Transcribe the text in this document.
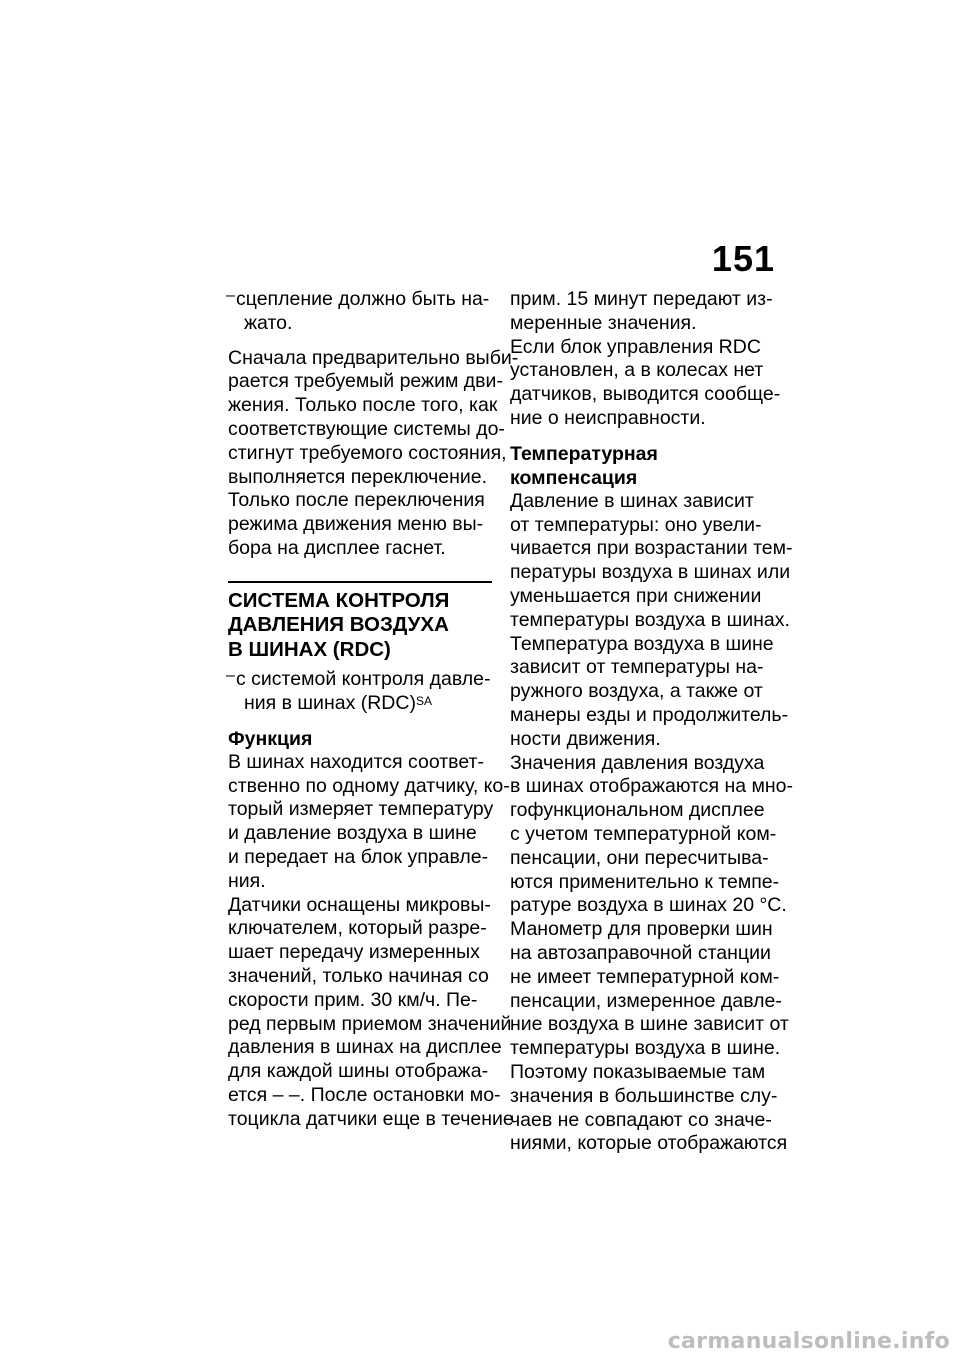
151
– сцепление должно быть на-
жато.
Сначала предварительно выби-
рается требуемый режим дви-
жения. Только после того, как
соответствующие системы до-
стигнут требуемого состояния,
выполняется переключение.
Только после переключения
режима движения меню вы-
бора на дисплее гаснет.
СИСТЕМА КОНТРОЛЯ
ДАВЛЕНИЯ ВОЗДУХА
В ШИНАХ (RDC)
– с системой контроля давле-
ния в шинах (RDC)$^{SA}$
Функция
В шинах находится соответ-
ственно по одному датчику, ко-
торый измеряет температуру
и давление воздуха в шине
и передает на блок управле-
ния.
Датчики оснащены микровы-
ключателем, который разре-
шает передачу измеренных
значений, только начиная со
скорости прим. 30 км/ч. Пе-
ред первым приемом значений
давления в шинах на дисплее
для каждой шины отобража-
ется – –. После остановки мо-
тоцикла датчики еще в течение
прим. 15 минут передают из-
меренные значения.
Если блок управления RDC
установлен, а в колесах нет
датчиков, выводится сообще-
ние о неисправности.
Температурная
компенсация
Давление в шинах зависит
от температуры: оно увели-
чивается при возрастании тем-
пературы воздуха в шинах или
уменьшается при снижении
температуры воздуха в шинах.
Температура воздуха в шине
зависит от температуры на-
ружного воздуха, а также от
манеры езды и продолжитель-
ности движения.
Значения давления воздуха
в шинах отображаются на мно-
гофункциональном дисплее
с учетом температурной ком-
пенсации, они пересчитыва-
ются применительно к темпе-
ратуре воздуха в шинах 20 °C.
Манометр для проверки шин
на автозаправочной станции
не имеет температурной ком-
пенсации, измеренное давле-
ние воздуха в шине зависит от
температуры воздуха в шине.
Поэтому показываемые там
значения в большинстве слу-
чаев не совпадают со значе-
ниями, которые отображаются
carmanualsonline.info
